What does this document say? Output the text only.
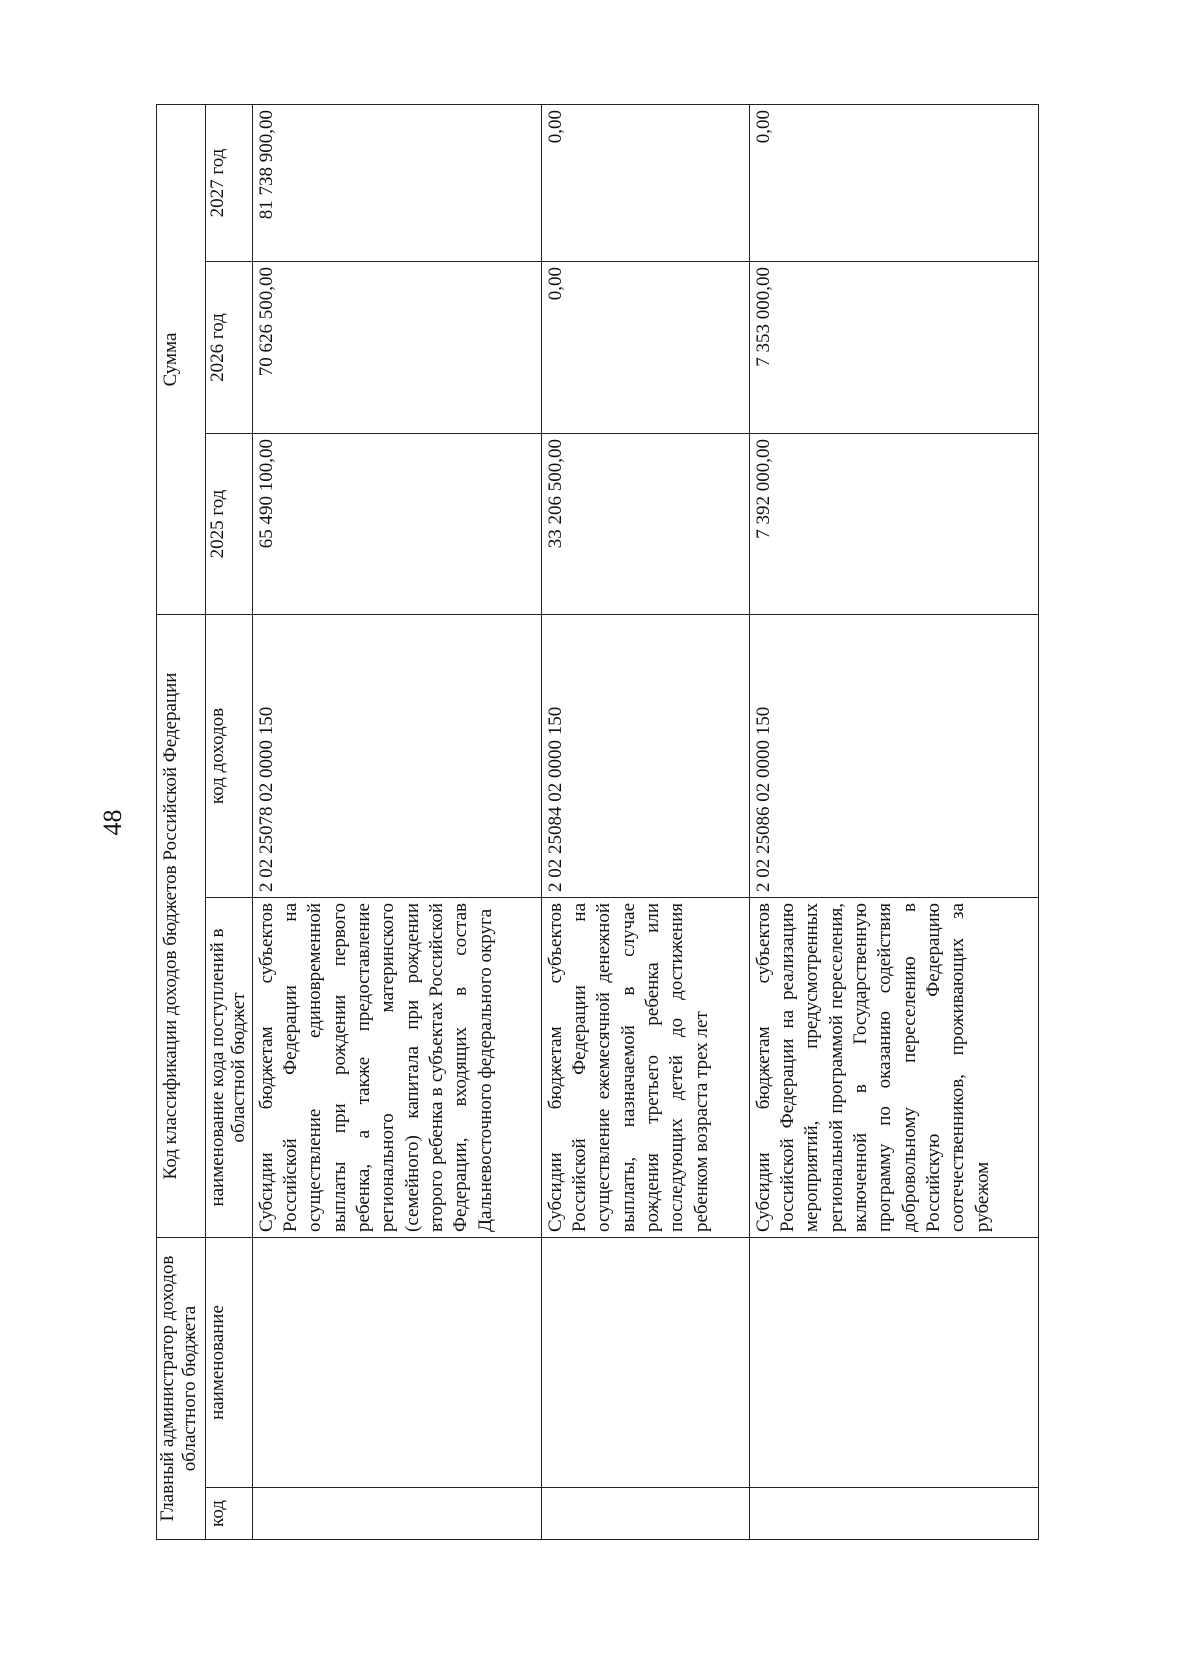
48
Главный администратор доходов областного бюджета		Код классификации доходов бюджетов Российской Федерации		Сумма		
код	наименование	наименование кода поступлений в областной бюджет	код доходов	2025 год	2026 год	2027 год
		Субсидии бюджетам субъектов Российской Федерации на осуществление единовременной выплаты при рождении первого ребенка, а также предоставление регионального материнского (семейного) капитала при рождении второго ребенка в субъектах Российской Федерации, входящих в состав Дальневосточного федерального округа	2 02 25078 02 0000 150	65 490 100,00	70 626 500,00	81 738 900,00
		Субсидии бюджетам субъектов Российской Федерации на осуществление ежемесячной денежной выплаты, назначаемой в случае рождения третьего ребенка или последующих детей до достижения ребенком возраста трех лет	2 02 25084 02 0000 150	33 206 500,00	0,00	0,00
		Субсидии бюджетам субъектов Российской Федерации на реализацию мероприятий, предусмотренных региональной программой переселения, включенной в Государственную программу по оказанию содействия добровольному переселению в Российскую Федерацию соотечественников, проживающих за рубежом	2 02 25086 02 0000 150	7 392 000,00	7 353 000,00	0,00
